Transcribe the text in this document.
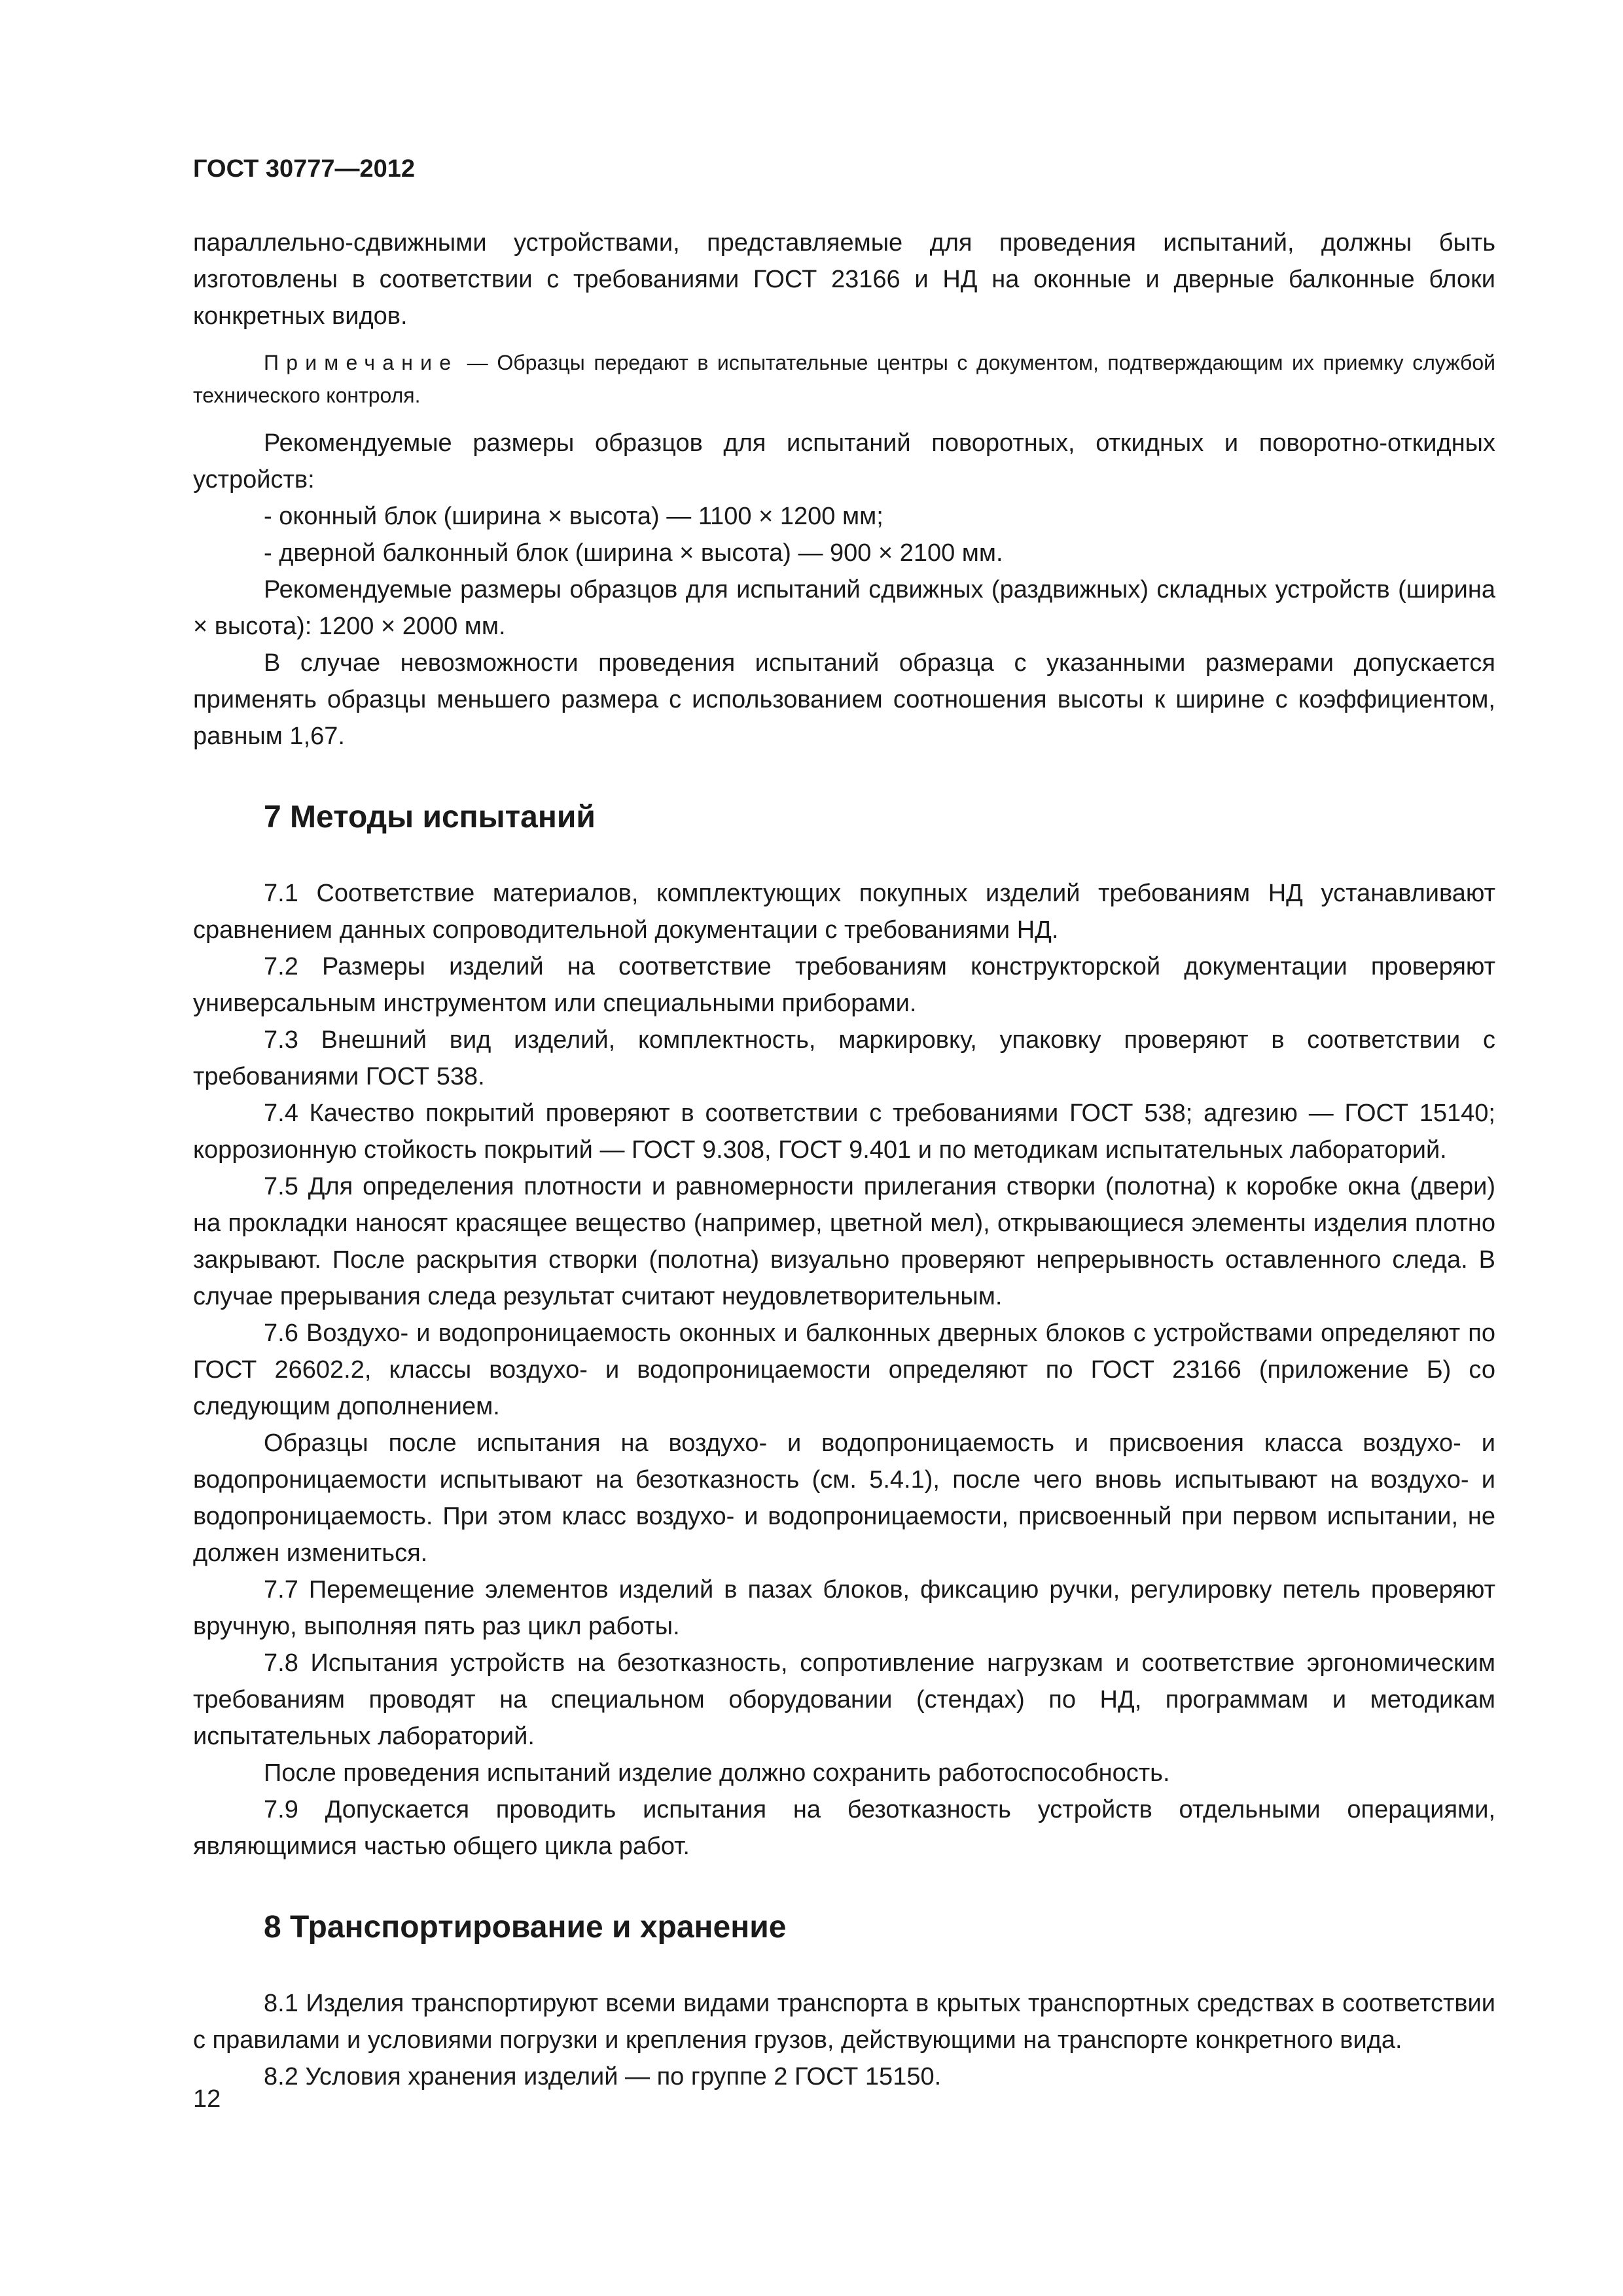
ГОСТ 30777—2012

параллельно-сдвижными устройствами, представляемые для проведения испытаний, должны быть изготовлены в соответствии с требованиями ГОСТ 23166 и НД на оконные и дверные балконные блоки конкретных видов.

Примечание — Образцы передают в испытательные центры с документом, подтверждающим их приемку службой технического контроля.

Рекомендуемые размеры образцов для испытаний поворотных, откидных и поворотно-откидных устройств:

- оконный блок (ширина × высота) — 1100 × 1200 мм;
- дверной балконный блок (ширина × высота) — 900 × 2100 мм.

Рекомендуемые размеры образцов для испытаний сдвижных (раздвижных) складных устройств (ширина × высота): 1200 × 2000 мм.

В случае невозможности проведения испытаний образца с указанными размерами допускается применять образцы меньшего размера с использованием соотношения высоты к ширине с коэффициентом, равным 1,67.

7 Методы испытаний

7.1 Соответствие материалов, комплектующих покупных изделий требованиям НД устанавливают сравнением данных сопроводительной документации с требованиями НД.

7.2 Размеры изделий на соответствие требованиям конструкторской документации проверяют универсальным инструментом или специальными приборами.

7.3 Внешний вид изделий, комплектность, маркировку, упаковку проверяют в соответствии с требованиями ГОСТ 538.

7.4 Качество покрытий проверяют в соответствии с требованиями ГОСТ 538; адгезию — ГОСТ 15140; коррозионную стойкость покрытий — ГОСТ 9.308, ГОСТ 9.401 и по методикам испытательных лабораторий.

7.5 Для определения плотности и равномерности прилегания створки (полотна) к коробке окна (двери) на прокладки наносят красящее вещество (например, цветной мел), открывающиеся элементы изделия плотно закрывают. После раскрытия створки (полотна) визуально проверяют непрерывность оставленного следа. В случае прерывания следа результат считают неудовлетворительным.

7.6 Воздухо- и водопроницаемость оконных и балконных дверных блоков с устройствами определяют по ГОСТ 26602.2, классы воздухо- и водопроницаемости определяют по ГОСТ 23166 (приложение Б) со следующим дополнением.

Образцы после испытания на воздухо- и водопроницаемость и присвоения класса воздухо- и водопроницаемости испытывают на безотказность (см. 5.4.1), после чего вновь испытывают на воздухо- и водопроницаемость. При этом класс воздухо- и водопроницаемости, присвоенный при первом испытании, не должен измениться.

7.7 Перемещение элементов изделий в пазах блоков, фиксацию ручки, регулировку петель проверяют вручную, выполняя пять раз цикл работы.

7.8 Испытания устройств на безотказность, сопротивление нагрузкам и соответствие эргономическим требованиям проводят на специальном оборудовании (стендах) по НД, программам и методикам испытательных лабораторий.

После проведения испытаний изделие должно сохранить работоспособность.

7.9 Допускается проводить испытания на безотказность устройств отдельными операциями, являющимися частью общего цикла работ.

8 Транспортирование и хранение

8.1 Изделия транспортируют всеми видами транспорта в крытых транспортных средствах в соответствии с правилами и условиями погрузки и крепления грузов, действующими на транспорте конкретного вида.

8.2 Условия хранения изделий — по группе 2 ГОСТ 15150.

12
